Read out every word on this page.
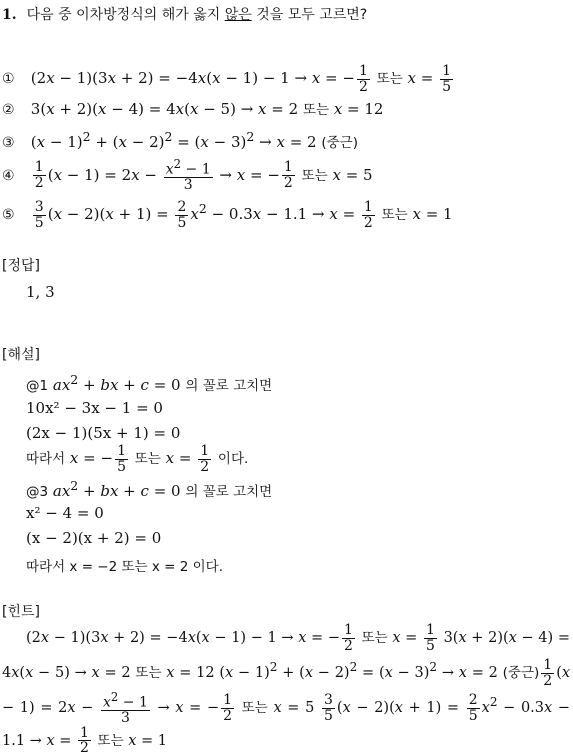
1. 다음 중 이차방정식의 해가 옳지 않은 것을 모두 고르면?
① (2x − 1)(3x + 2) = −4x(x − 1) − 1 → x = − $\frac{1}{2}$ 또는 $x = \frac{1}{5}$
② 3(x + 2)(x − 4) = 4x(x − 5) → x = 2 또는 x = 12
③ $(x - 1)^2 + (x - 2)^2 = (x - 3)^2 \to x = 2$ (중근)
④ $\frac{1}{2} (x - 1) = 2x - \frac{x^2 - 1}{3} \to x$ = − $\frac{1}{2}$ 또는 x = 5
⑤ $\frac{3}{5} (x - 2)(x + 1) = \frac{2}{5} x^2 - 0.3x - 1.1 \to x = \frac{1}{2}$ 또는 x = 1
[정답]
1, 3
[해설]
@1 $ax^2$ + bx + c = 0 의 꼴로 고치면
10x² − 3x − 1 = 0
(2x − 1)(5x + 1) = 0
따라서 x = − $\frac{1}{5}$ 또는 $x = \frac{1}{2}$ 이다.
@3 $ax^2$ + bx + c = 0 의 꼴로 고치면
x² − 4 = 0
(x − 2)(x + 2) = 0
따라서 x = −2 또는 x = 2 이다.
[힌트]
(2x − 1)(3x + 2) = −4x(x − 1) − 1 → x = − $\frac{1}{2}$ 또는 $x = \frac{1}{5} 3(x + 2)(x - 4) = 4x(x - 5) \to x = 2$ 또는 x = 12 $(x - 1)^2 + (x - 2)^2 = (x - 3)^2 \to x = 2$ (중근) $\frac{1}{2} (x - 1) = 2x - \frac{x^2 - 1}{3} \to x$ = − $\frac{1}{2}$ 또는 $x = 5 \frac{3}{5} (x - 2)(x + 1) = \frac{2}{5} x^2 - 0.3x - 1.1 \to x = \frac{1}{2}$ 또는 x = 1
